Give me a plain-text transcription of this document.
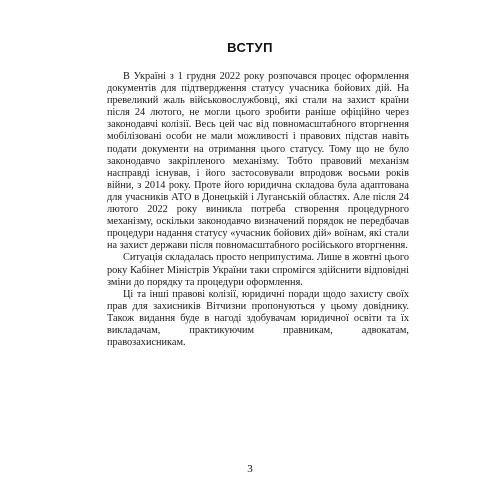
ВСТУП

В Україні з 1 грудня 2022 року розпочався процес оформлення документів для підтвердження статусу учасника бойових дій. На превеликий жаль військовослужбовці, які стали на захист країни після 24 лютого, не могли цього зробити раніше офіційно через законодавчі колізії. Весь цей час від повномасштабного вторгнення мобілізовані особи не мали можливості і правових підстав навіть подати документи на отримання цього статусу. Тому що не було законодавчо закріпленого механізму. Тобто правовий механізм насправді існував, і його застосовували впродовж восьми років війни, з 2014 року. Проте його юридична складова була адаптована для учасників АТО в Донецькій і Луганській областях. Але після 24 лютого 2022 року виникла потреба створення процедурного механізму, оскільки законодавчо визначений порядок не передбачав процедури надання статусу «учасник бойових дій» воїнам, які стали на захист держави після повномасштабного російського вторгнення.

Ситуація складалась просто неприпустима. Лише в жовтні цього року Кабінет Міністрів України таки спромігся здійснити відповідні зміни до порядку та процедури оформлення.

Ці та інші правові колізії, юридичні поради щодо захисту своїх прав для захисників Вітчизни пропонуються у цьому довіднику. Також видання буде в нагоді здобувачам юридичної освіти та їх викладачам, практикуючим правникам, адвокатам, правозахисникам.

3
